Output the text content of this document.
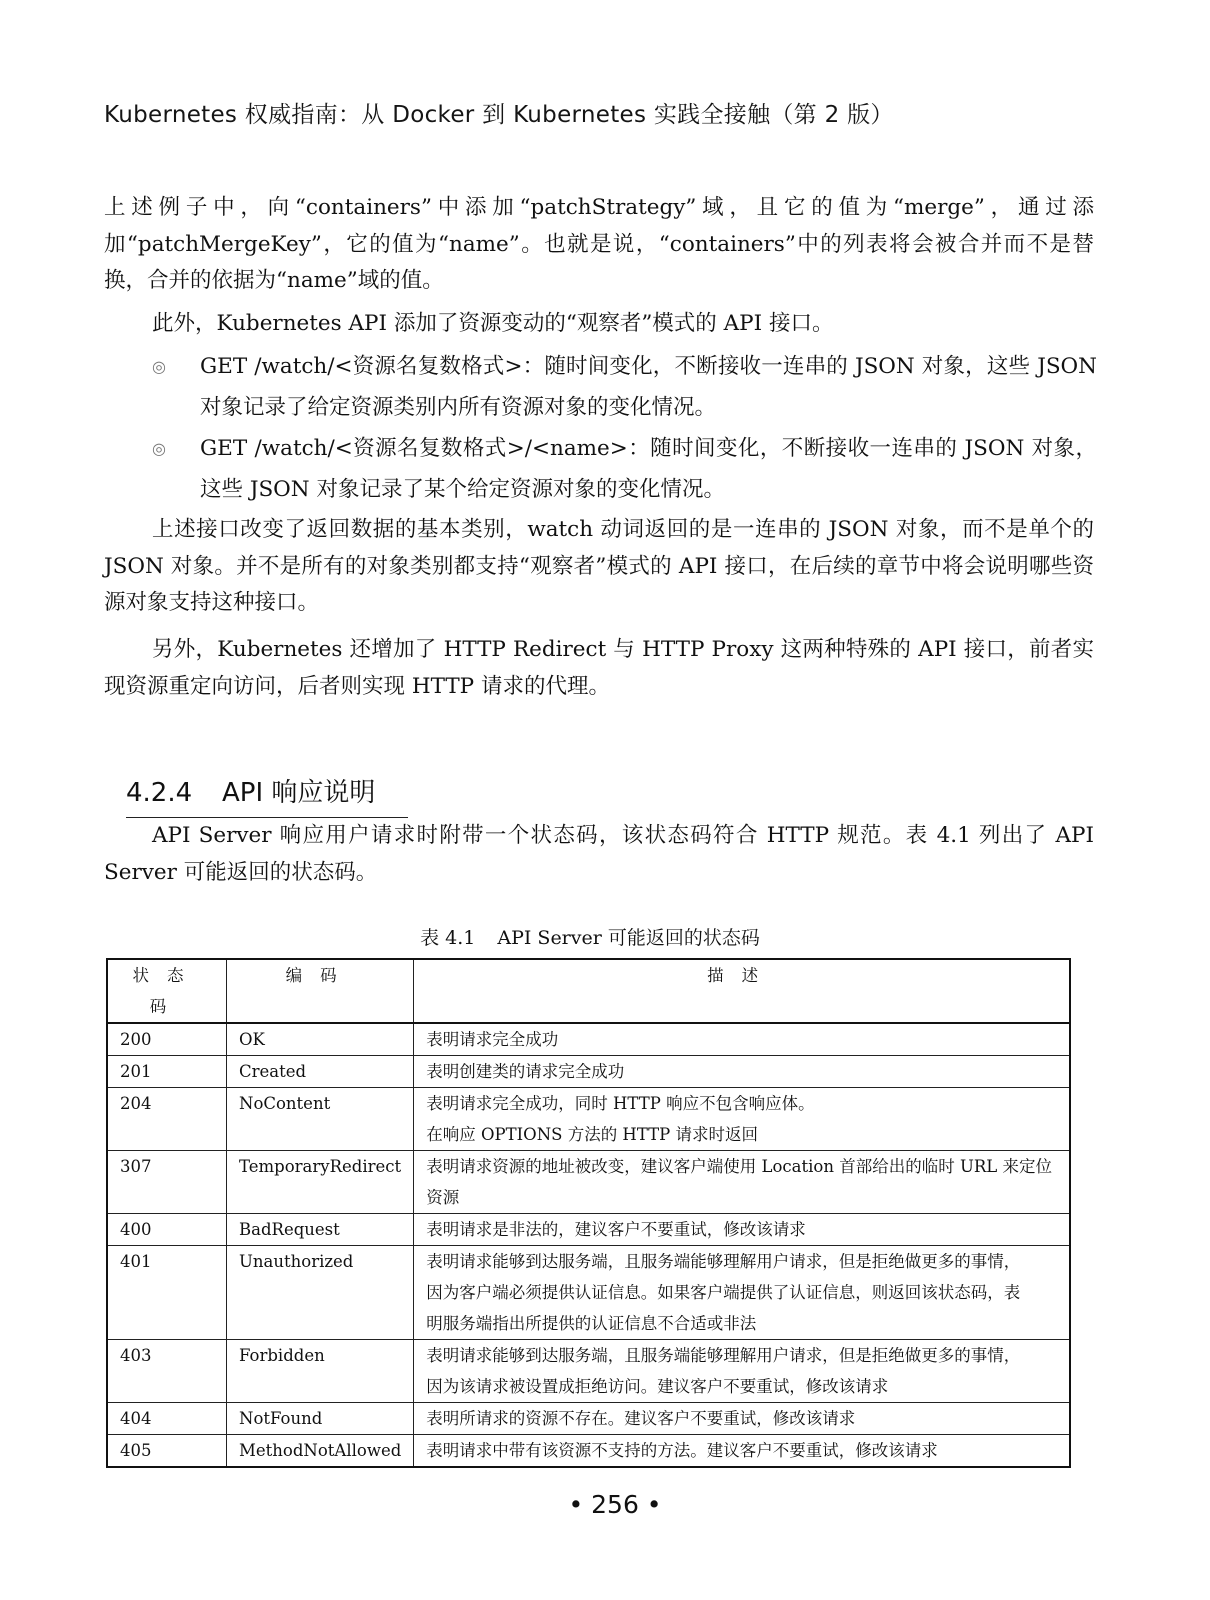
Kubernetes 权威指南：从 Docker 到 Kubernetes 实践全接触（第 2 版）
上述例子中，向“containers”中添加“patchStrategy”域，且它的值为“merge”，通过添加“patchMergeKey”，它的值为“name”。也就是说，“containers”中的列表将会被合并而不是替换，合并的依据为“name”域的值。
此外，Kubernetes API 添加了资源变动的“观察者”模式的 API 接口。
◎ GET /watch/<资源名复数格式>：随时间变化，不断接收一连串的 JSON 对象，这些 JSON 对象记录了给定资源类别内所有资源对象的变化情况。
◎ GET /watch/<资源名复数格式>/<name>：随时间变化，不断接收一连串的 JSON 对象，这些 JSON 对象记录了某个给定资源对象的变化情况。
上述接口改变了返回数据的基本类别，watch 动词返回的是一连串的 JSON 对象，而不是单个的 JSON 对象。并不是所有的对象类别都支持“观察者”模式的 API 接口，在后续的章节中将会说明哪些资源对象支持这种接口。
另外，Kubernetes 还增加了 HTTP Redirect 与 HTTP Proxy 这两种特殊的 API 接口，前者实现资源重定向访问，后者则实现 HTTP 请求的代理。
4.2.4 API 响应说明
API Server 响应用户请求时附带一个状态码，该状态码符合 HTTP 规范。表 4.1 列出了 API Server 可能返回的状态码。
表 4.1 API Server 可能返回的状态码
状态码	编码	描述
200	OK	表明请求完全成功

201	Created	表明创建类的请求完全成功

204	NoContent	表明请求完全成功，同时 HTTP 响应不包含响应体。
在响应 OPTIONS 方法的 HTTP 请求时返回

307	TemporaryRedirect	表明请求资源的地址被改变，建议客户端使用 Location 首部给出的临时 URL 来定位资源

400	BadRequest	表明请求是非法的，建议客户不要重试，修改该请求

401	Unauthorized	表明请求能够到达服务端，且服务端能够理解用户请求，但是拒绝做更多的事情，
因为客户端必须提供认证信息。如果客户端提供了认证信息，则返回该状态码，表
明服务端指出所提供的认证信息不合适或非法

403	Forbidden	表明请求能够到达服务端，且服务端能够理解用户请求，但是拒绝做更多的事情，
因为该请求被设置成拒绝访问。建议客户不要重试，修改该请求

404	NotFound	表明所请求的资源不存在。建议客户不要重试，修改该请求

405	MethodNotAllowed	表明请求中带有该资源不支持的方法。建议客户不要重试，修改该请求
• 256 •
